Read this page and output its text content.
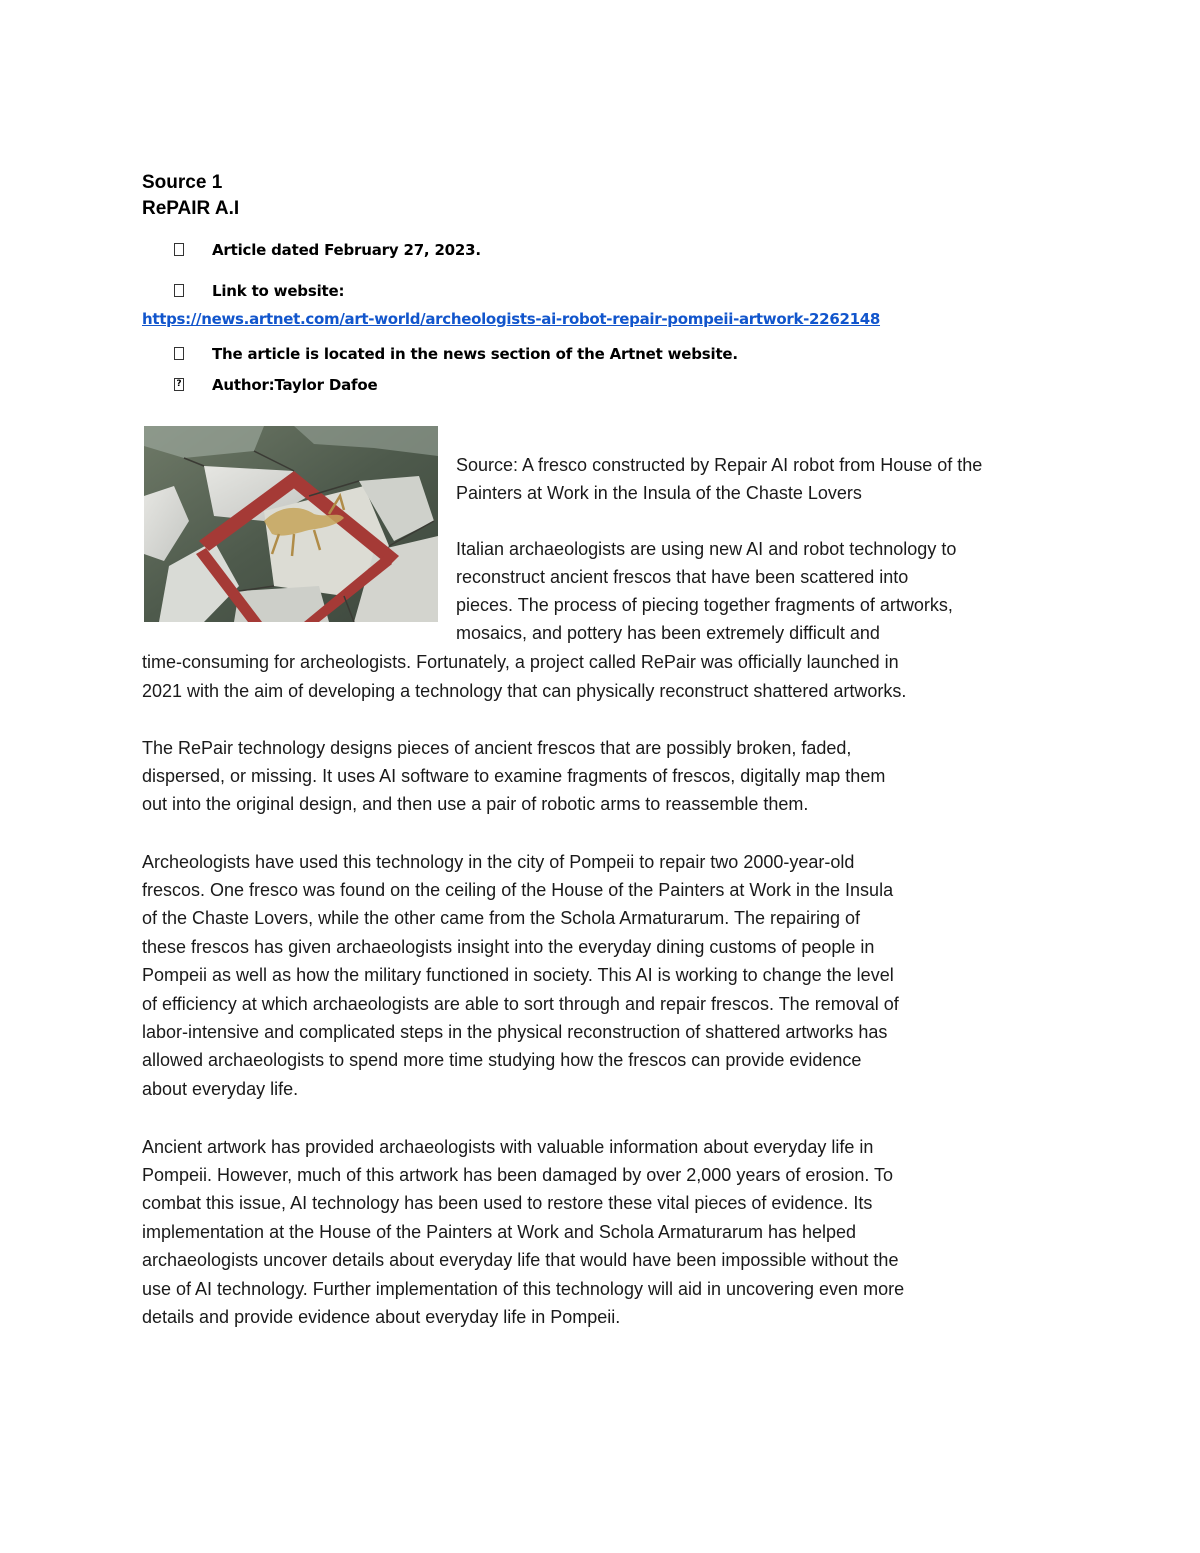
Source 1
RePAIR A.I
Article dated February 27, 2023.
Link to website:
https://news.artnet.com/art-world/archeologists-ai-robot-repair-pompeii-artwork-2262148
The article is located in the news section of the Artnet website.
? Author:Taylor Dafoe
Source: A fresco constructed by Repair AI robot from House of the
Painters at Work in the Insula of the Chaste Lovers
Italian archaeologists are using new AI and robot technology to
reconstruct ancient frescos that have been scattered into
pieces. The process of piecing together fragments of artworks,
mosaics, and pottery has been extremely difficult and
time-consuming for archeologists. Fortunately, a project called RePair was officially launched in
2021 with the aim of developing a technology that can physically reconstruct shattered artworks.
The RePair technology designs pieces of ancient frescos that are possibly broken, faded,
dispersed, or missing. It uses AI software to examine fragments of frescos, digitally map them
out into the original design, and then use a pair of robotic arms to reassemble them.
Archeologists have used this technology in the city of Pompeii to repair two 2000-year-old
frescos. One fresco was found on the ceiling of the House of the Painters at Work in the Insula
of the Chaste Lovers, while the other came from the Schola Armaturarum. The repairing of
these frescos has given archaeologists insight into the everyday dining customs of people in
Pompeii as well as how the military functioned in society. This AI is working to change the level
of efficiency at which archaeologists are able to sort through and repair frescos. The removal of
labor-intensive and complicated steps in the physical reconstruction of shattered artworks has
allowed archaeologists to spend more time studying how the frescos can provide evidence
about everyday life.
Ancient artwork has provided archaeologists with valuable information about everyday life in
Pompeii. However, much of this artwork has been damaged by over 2,000 years of erosion. To
combat this issue, AI technology has been used to restore these vital pieces of evidence. Its
implementation at the House of the Painters at Work and Schola Armaturarum has helped
archaeologists uncover details about everyday life that would have been impossible without the
use of AI technology. Further implementation of this technology will aid in uncovering even more
details and provide evidence about everyday life in Pompeii.
